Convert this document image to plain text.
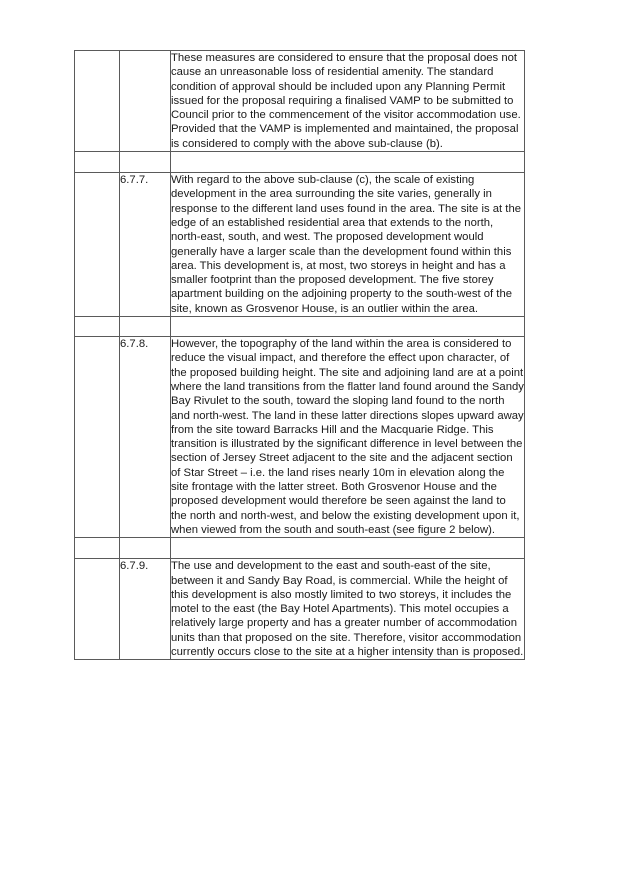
		These measures are considered to ensure that the proposal does not cause an unreasonable loss of residential amenity. The standard condition of approval should be included upon any Planning Permit issued for the proposal requiring a finalised VAMP to be submitted to Council prior to the commencement of the visitor accommodation use. Provided that the VAMP is implemented and maintained, the proposal is considered to comply with the above sub-clause (b).

	6.7.7.	With regard to the above sub-clause (c), the scale of existing development in the area surrounding the site varies, generally in response to the different land uses found in the area. The site is at the edge of an established residential area that extends to the north, north-east, south, and west. The proposed development would generally have a larger scale than the development found within this area. This development is, at most, two storeys in height and has a smaller footprint than the proposed development. The five storey apartment building on the adjoining property to the south-west of the site, known as Grosvenor House, is an outlier within the area.

	6.7.8.	However, the topography of the land within the area is considered to reduce the visual impact, and therefore the effect upon character, of the proposed building height. The site and adjoining land are at a point where the land transitions from the flatter land found around the Sandy Bay Rivulet to the south, toward the sloping land found to the north and north-west. The land in these latter directions slopes upward away from the site toward Barracks Hill and the Macquarie Ridge. This transition is illustrated by the significant difference in level between the section of Jersey Street adjacent to the site and the adjacent section of Star Street – i.e. the land rises nearly 10m in elevation along the site frontage with the latter street. Both Grosvenor House and the proposed development would therefore be seen against the land to the north and north-west, and below the existing development upon it, when viewed from the south and south-east (see figure 2 below).

	6.7.9.	The use and development to the east and south-east of the site, between it and Sandy Bay Road, is commercial. While the height of this development is also mostly limited to two storeys, it includes the motel to the east (the Bay Hotel Apartments). This motel occupies a relatively large property and has a greater number of accommodation units than that proposed on the site. Therefore, visitor accommodation currently occurs close to the site at a higher intensity than is proposed.
